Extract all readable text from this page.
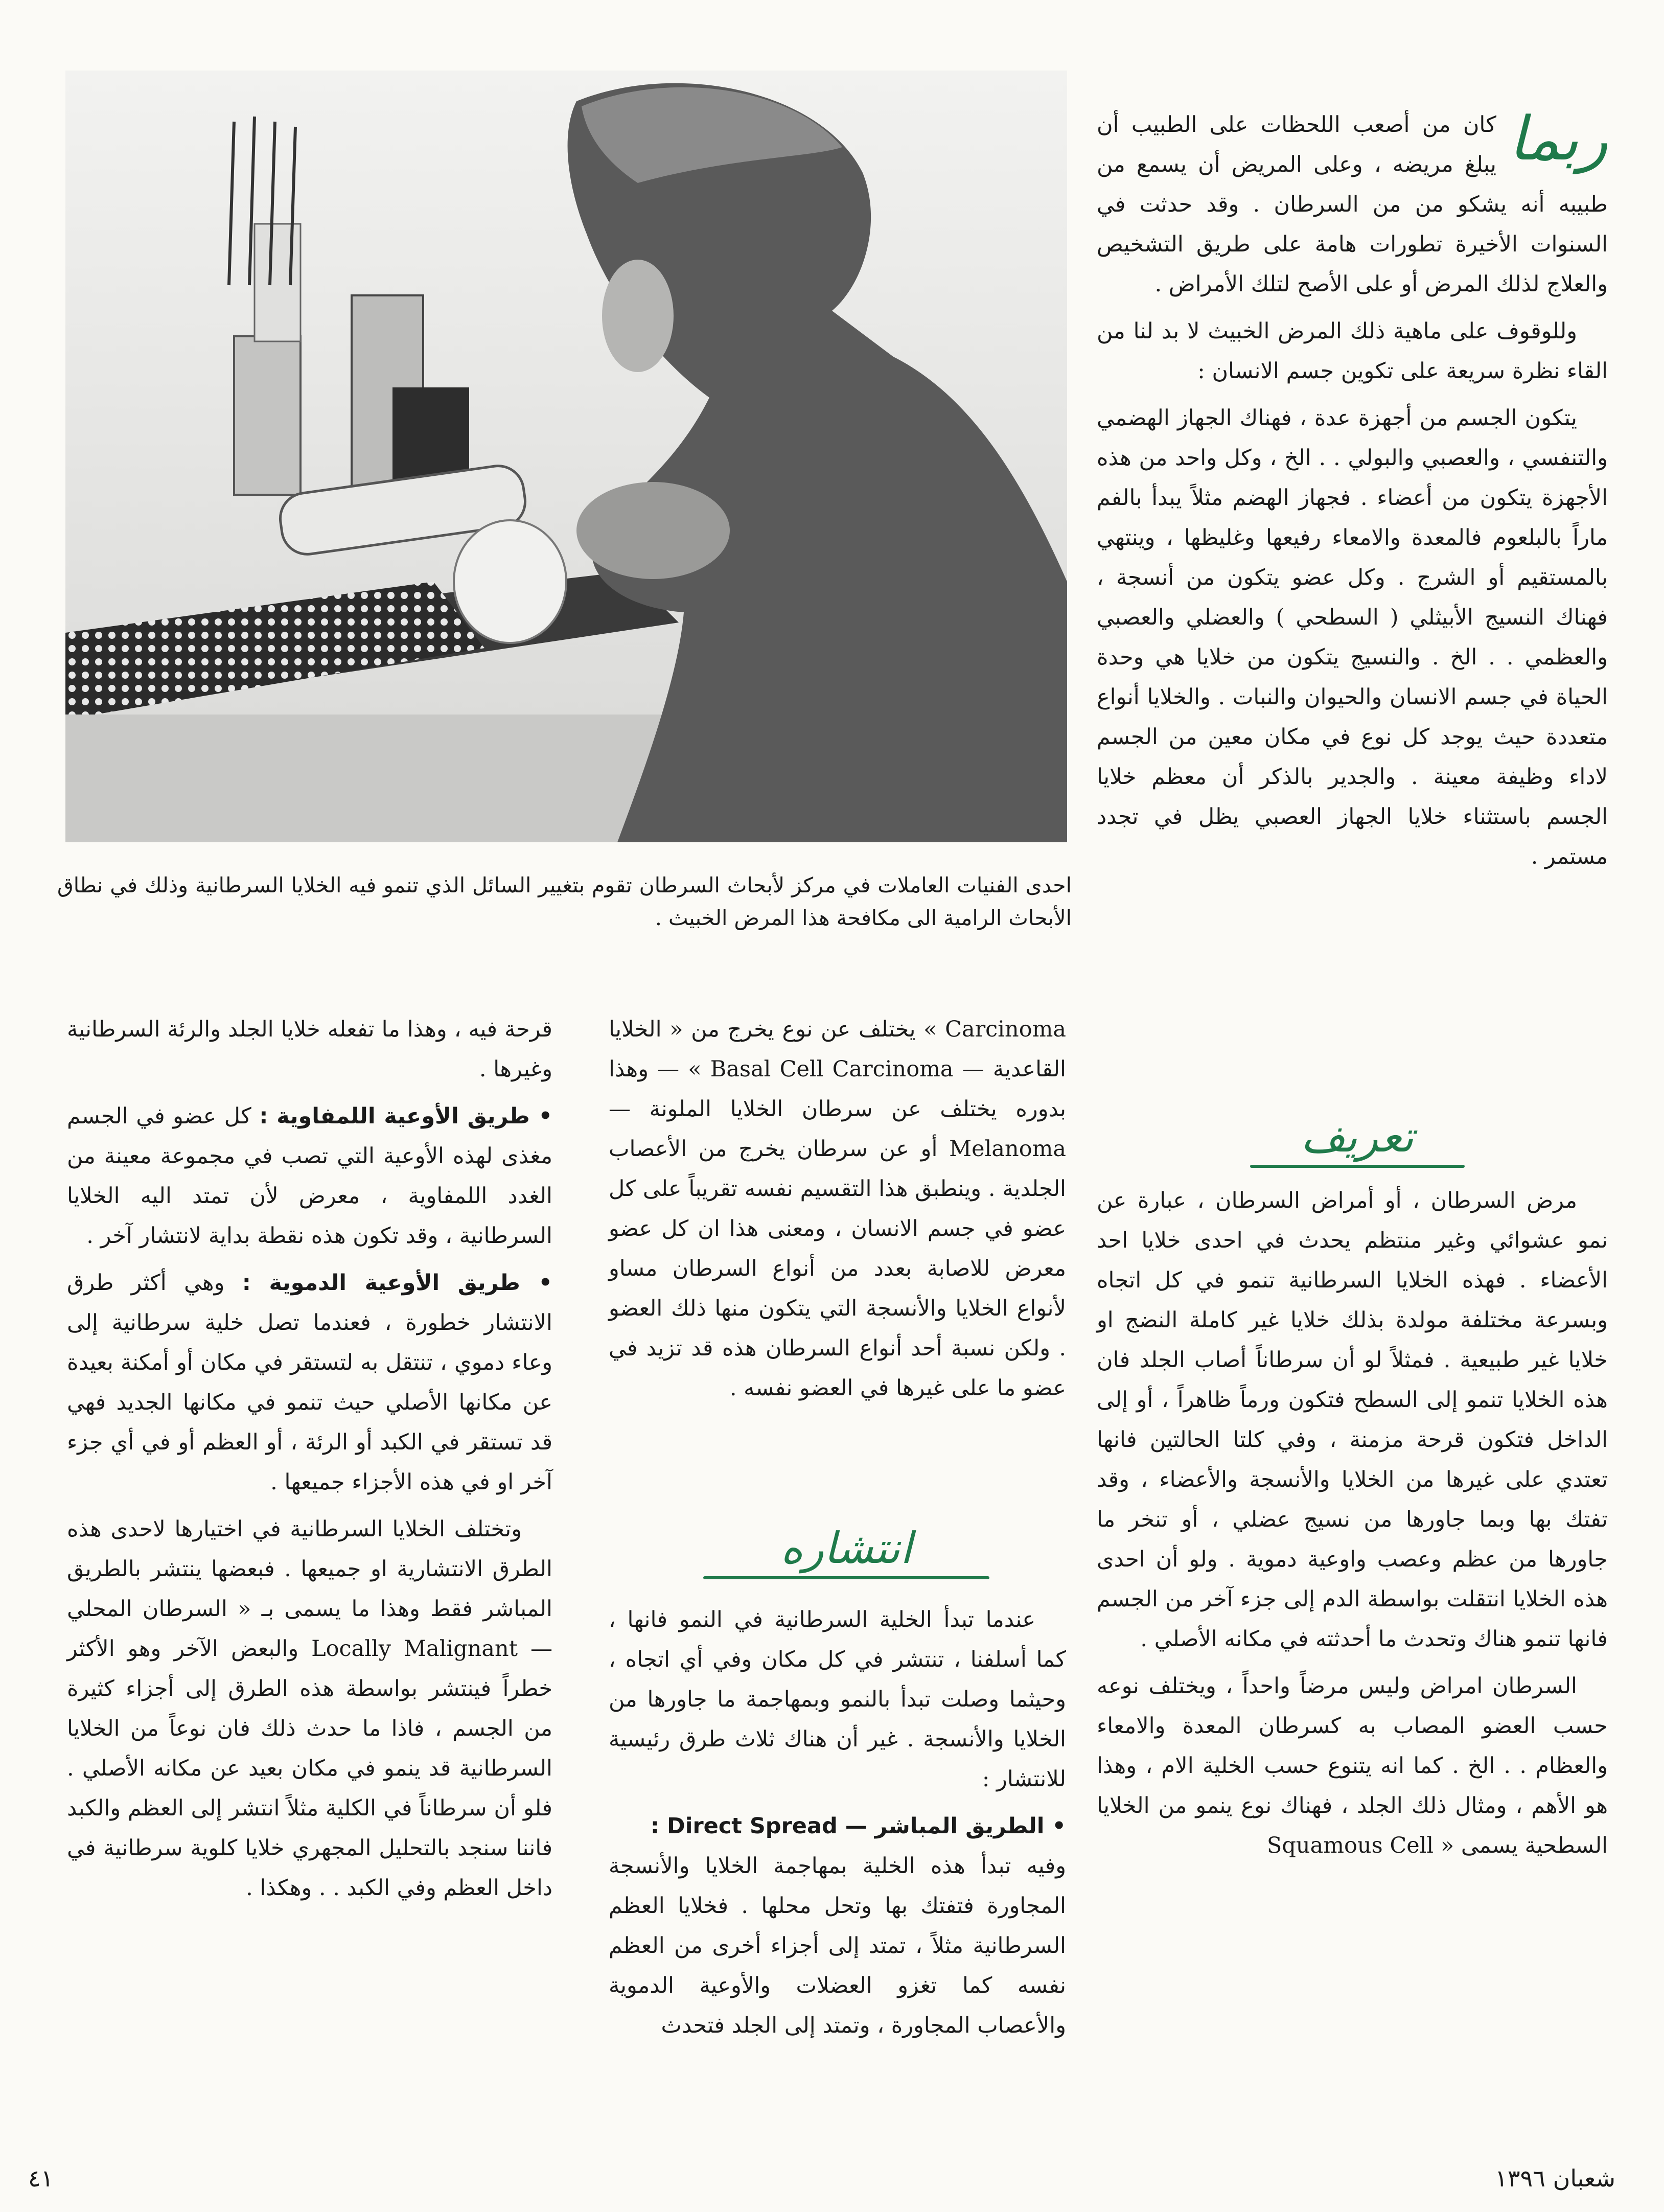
احدى الفنيات العاملات في مركز لأبحاث السرطان تقوم بتغيير السائل الذي تنمو فيه الخلايا السرطانية وذلك في نطاق الأبحاث الرامية الى مكافحة هذا المرض الخبيث .
ربما

كان من أصعب اللحظات على الطبيب أن يبلغ مريضه ، وعلى المريض أن يسمع من طبيبه أنه يشكو من من السرطان . وقد حدثت في السنوات الأخيرة تطورات هامة على طريق التشخيص والعلاج لذلك المرض أو على الأصح لتلك الأمراض .

وللوقوف على ماهية ذلك المرض الخبيث لا بد لنا من القاء نظرة سريعة على تكوين جسم الانسان :

يتكون الجسم من أجهزة عدة ، فهناك الجهاز الهضمي والتنفسي ، والعصبي والبولي . . الخ ، وكل واحد من هذه الأجهزة يتكون من أعضاء . فجهاز الهضم مثلاً يبدأ بالفم ماراً بالبلعوم فالمعدة والامعاء رفيعها وغليظها ، وينتهي بالمستقيم أو الشرج . وكل عضو يتكون من أنسجة ، فهناك النسيج الأبيثلي ( السطحي ) والعضلي والعصبي والعظمي . . الخ . والنسيج يتكون من خلايا هي وحدة الحياة في جسم الانسان والحيوان والنبات . والخلايا أنواع متعددة حيث يوجد كل نوع في مكان معين من الجسم لاداء وظيفة معينة . والجدير بالذكر أن معظم خلايا الجسم باستثناء خلايا الجهاز العصبي يظل في تجدد مستمر .

تعريف

مرض السرطان ، أو أمراض السرطان ، عبارة عن نمو عشوائي وغير منتظم يحدث في احدى خلايا احد الأعضاء . فهذه الخلايا السرطانية تنمو في كل اتجاه وبسرعة مختلفة مولدة بذلك خلايا غير كاملة النضج او خلايا غير طبيعية . فمثلاً لو أن سرطاناً أصاب الجلد فان هذه الخلايا تنمو إلى السطح فتكون ورماً ظاهراً ، أو إلى الداخل فتكون قرحة مزمنة ، وفي كلتا الحالتين فانها تعتدي على غيرها من الخلايا والأنسجة والأعضاء ، وقد تفتك بها وبما جاورها من نسيج عضلي ، أو تنخر ما جاورها من عظم وعصب واوعية دموية . ولو أن احدى هذه الخلايا انتقلت بواسطة الدم إلى جزء آخر من الجسم فانها تنمو هناك وتحدث ما أحدثته في مكانه الأصلي .

السرطان امراض وليس مرضاً واحداً ، ويختلف نوعه حسب العضو المصاب به كسرطان المعدة والامعاء والعظام . . الخ . كما انه يتنوع حسب الخلية الام ، وهذا هو الأهم ، ومثال ذلك الجلد ، فهناك نوع ينمو من الخلايا السطحية يسمى « Squamous Cell

Carcinoma » يختلف عن نوع يخرج من « الخلايا القاعدية — Basal Cell Carcinoma » — وهذا بدوره يختلف عن سرطان الخلايا الملونة — Melanoma أو عن سرطان يخرج من الأعصاب الجلدية . وينطبق هذا التقسيم نفسه تقريباً على كل عضو في جسم الانسان ، ومعنى هذا ان كل عضو معرض للاصابة بعدد من أنواع السرطان مساو لأنواع الخلايا والأنسجة التي يتكون منها ذلك العضو . ولكن نسبة أحد أنواع السرطان هذه قد تزيد في عضو ما على غيرها في العضو نفسه .

انتشاره

عندما تبدأ الخلية السرطانية في النمو فانها ، كما أسلفنا ، تنتشر في كل مكان وفي أي اتجاه ، وحيثما وصلت تبدأ بالنمو وبمهاجمة ما جاورها من الخلايا والأنسجة . غير أن هناك ثلاث طرق رئيسية للانتشار :

• الطريق المباشر — Direct Spread :

وفيه تبدأ هذه الخلية بمهاجمة الخلايا والأنسجة المجاورة فتفتك بها وتحل محلها . فخلايا العظم السرطانية مثلاً ، تمتد إلى أجزاء أخرى من العظم نفسه كما تغزو العضلات والأوعية الدموية والأعصاب المجاورة ، وتمتد إلى الجلد فتحدث

قرحة فيه ، وهذا ما تفعله خلايا الجلد والرئة السرطانية وغيرها .

• طريق الأوعية اللمفاوية : كل عضو في الجسم مغذى لهذه الأوعية التي تصب في مجموعة معينة من الغدد اللمفاوية ، معرض لأن تمتد اليه الخلايا السرطانية ، وقد تكون هذه نقطة بداية لانتشار آخر .

• طريق الأوعية الدموية : وهي أكثر طرق الانتشار خطورة ، فعندما تصل خلية سرطانية إلى وعاء دموي ، تنتقل به لتستقر في مكان أو أمكنة بعيدة عن مكانها الأصلي حيث تنمو في مكانها الجديد فهي قد تستقر في الكبد أو الرئة ، أو العظم أو في أي جزء آخر او في هذه الأجزاء جميعها .

وتختلف الخلايا السرطانية في اختيارها لاحدى هذه الطرق الانتشارية او جميعها . فبعضها ينتشر بالطريق المباشر فقط وهذا ما يسمى بـ « السرطان المحلي — Locally Malignant والبعض الآخر وهو الأكثر خطراً فينتشر بواسطة هذه الطرق إلى أجزاء كثيرة من الجسم ، فاذا ما حدث ذلك فان نوعاً من الخلايا السرطانية قد ينمو في مكان بعيد عن مكانه الأصلي . فلو أن سرطاناً في الكلية مثلاً انتشر إلى العظم والكبد فاننا سنجد بالتحليل المجهري خلايا كلوية سرطانية في داخل العظم وفي الكبد . . وهكذا .

شعبان ١٣٩٦
٤١
